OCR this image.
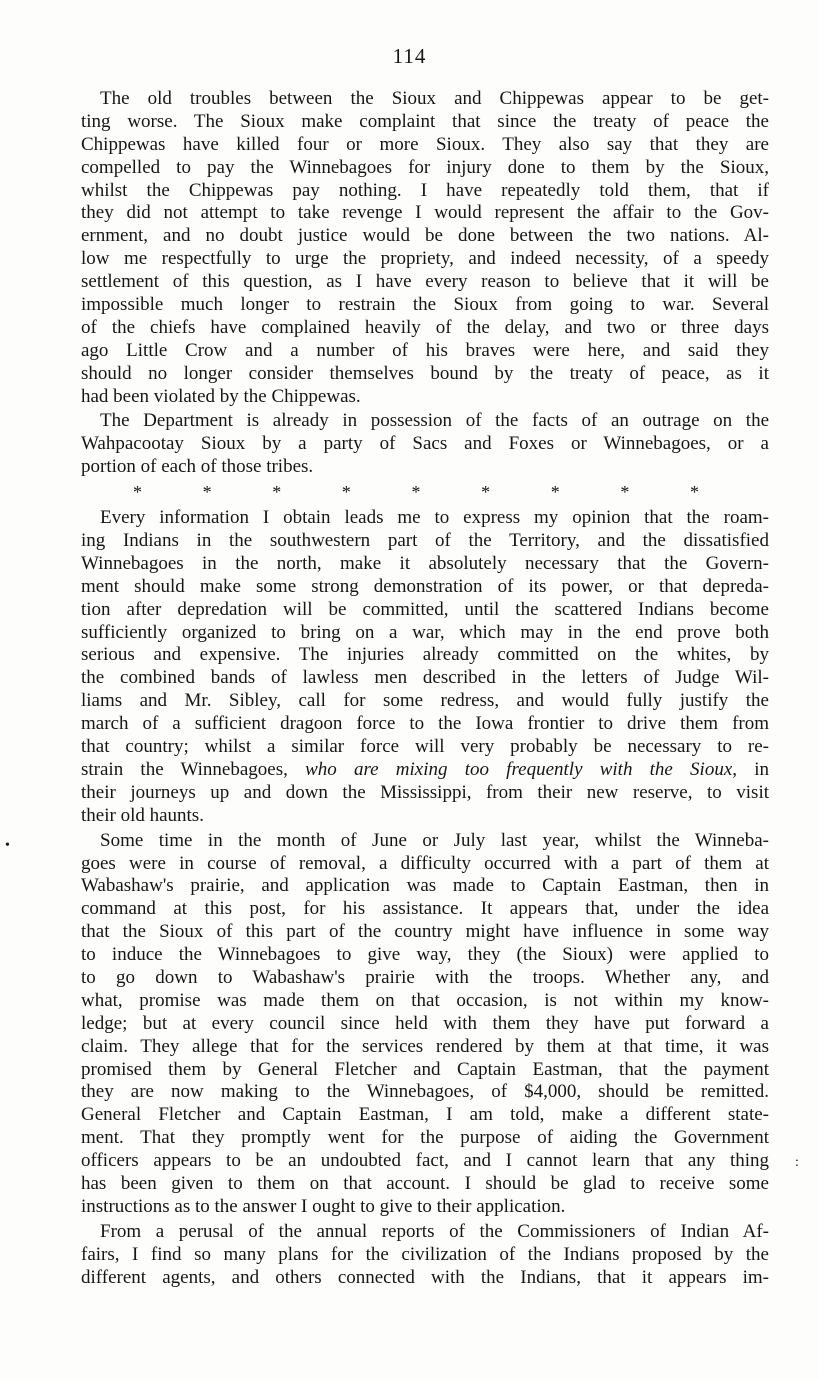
114
The old troubles between the Sioux and Chippewas appear to be get-
ting worse. The Sioux make complaint that since the treaty of peace the
Chippewas have killed four or more Sioux. They also say that they are
compelled to pay the Winnebagoes for injury done to them by the Sioux,
whilst the Chippewas pay nothing. I have repeatedly told them, that if
they did not attempt to take revenge I would represent the affair to the Gov-
ernment, and no doubt justice would be done between the two nations. Al-
low me respectfully to urge the propriety, and indeed necessity, of a speedy
settlement of this question, as I have every reason to believe that it will be
impossible much longer to restrain the Sioux from going to war. Several
of the chiefs have complained heavily of the delay, and two or three days
ago Little Crow and a number of his braves were here, and said they
should no longer consider themselves bound by the treaty of peace, as it
had been violated by the Chippewas.
The Department is already in possession of the facts of an outrage on the
Wahpacootay Sioux by a party of Sacs and Foxes or Winnebagoes, or a
portion of each of those tribes.
*	*	*	*	*	*	*	*	*
Every information I obtain leads me to express my opinion that the roam-
ing Indians in the southwestern part of the Territory, and the dissatisfied
Winnebagoes in the north, make it absolutely necessary that the Govern-
ment should make some strong demonstration of its power, or that depreda-
tion after depredation will be committed, until the scattered Indians become
sufficiently organized to bring on a war, which may in the end prove both
serious and expensive. The injuries already committed on the whites, by
the combined bands of lawless men described in the letters of Judge Wil-
liams and Mr. Sibley, call for some redress, and would fully justify the
march of a sufficient dragoon force to the Iowa frontier to drive them from
that country; whilst a similar force will very probably be necessary to re-
strain the Winnebagoes, who are mixing too frequently with the Sioux, in
their journeys up and down the Mississippi, from their new reserve, to visit
their old haunts.
Some time in the month of June or July last year, whilst the Winneba-
goes were in course of removal, a difficulty occurred with a part of them at
Wabashaw's prairie, and application was made to Captain Eastman, then in
command at this post, for his assistance. It appears that, under the idea
that the Sioux of this part of the country might have influence in some way
to induce the Winnebagoes to give way, they (the Sioux) were applied to
to go down to Wabashaw's prairie with the troops. Whether any, and
what, promise was made them on that occasion, is not within my know-
ledge; but at every council since held with them they have put forward a
claim. They allege that for the services rendered by them at that time, it was
promised them by General Fletcher and Captain Eastman, that the payment
they are now making to the Winnebagoes, of $4,000, should be remitted.
General Fletcher and Captain Eastman, I am told, make a different state-
ment. That they promptly went for the purpose of aiding the Government
officers appears to be an undoubted fact, and I cannot learn that any thing
has been given to them on that account. I should be glad to receive some
instructions as to the answer I ought to give to their application.
From a perusal of the annual reports of the Commissioners of Indian Af-
fairs, I find so many plans for the civilization of the Indians proposed by the
different agents, and others connected with the Indians, that it appears im-
•
:
